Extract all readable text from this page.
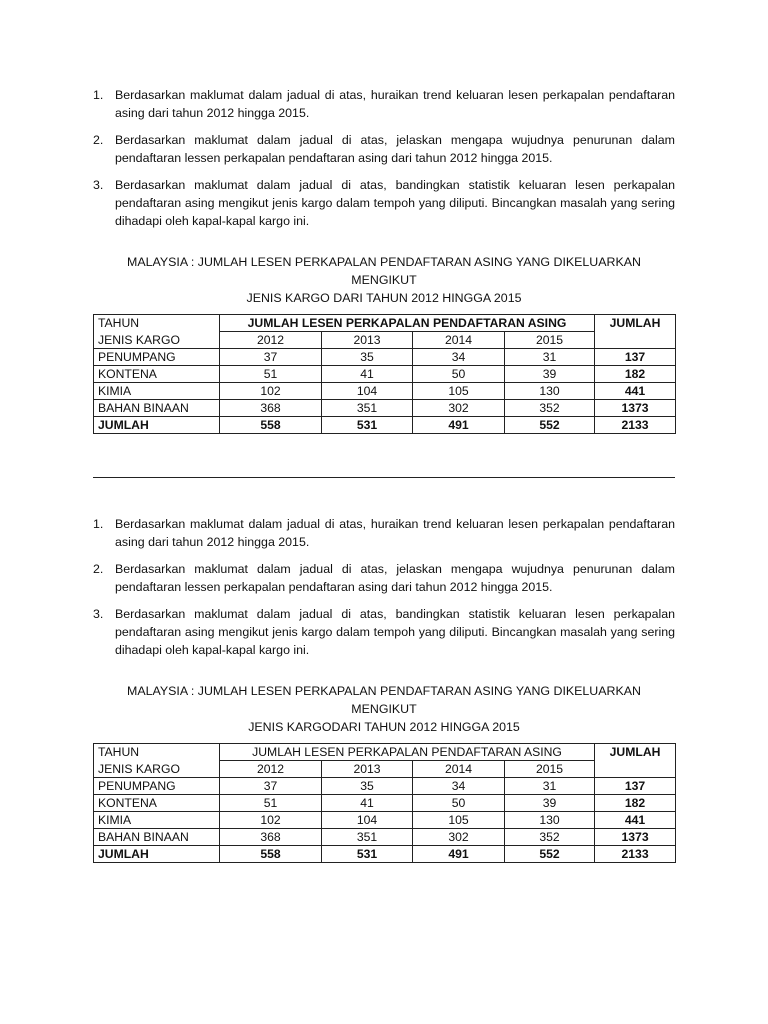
1. Berdasarkan maklumat dalam jadual di atas, huraikan trend keluaran lesen perkapalan pendaftaran asing dari tahun 2012 hingga 2015.
2. Berdasarkan maklumat dalam jadual di atas, jelaskan mengapa wujudnya penurunan dalam pendaftaran lessen perkapalan pendaftaran asing dari tahun 2012 hingga 2015.
3. Berdasarkan maklumat dalam jadual di atas, bandingkan statistik keluaran lesen perkapalan pendaftaran asing mengikut jenis kargo dalam tempoh yang diliputi. Bincangkan masalah yang sering dihadapi oleh kapal-kapal kargo ini.
MALAYSIA : JUMLAH LESEN PERKAPALAN PENDAFTARAN ASING YANG DIKELUARKAN MENGIKUT
JENIS KARGO DARI TAHUN 2012 HINGGA 2015
TAHUN	JUMLAH LESEN PERKAPALAN PENDAFTARAN ASING				JUMLAH
JENIS KARGO	2012	2013	2014	2015	
PENUMPANG	37	35	34	31	137
KONTENA	51	41	50	39	182
KIMIA	102	104	105	130	441
BAHAN BINAAN	368	351	302	352	1373
JUMLAH	558	531	491	552	2133
1. Berdasarkan maklumat dalam jadual di atas, huraikan trend keluaran lesen perkapalan pendaftaran asing dari tahun 2012 hingga 2015.
2. Berdasarkan maklumat dalam jadual di atas, jelaskan mengapa wujudnya penurunan dalam pendaftaran lessen perkapalan pendaftaran asing dari tahun 2012 hingga 2015.
3. Berdasarkan maklumat dalam jadual di atas, bandingkan statistik keluaran lesen perkapalan pendaftaran asing mengikut jenis kargo dalam tempoh yang diliputi. Bincangkan masalah yang sering dihadapi oleh kapal-kapal kargo ini.
MALAYSIA : JUMLAH LESEN PERKAPALAN PENDAFTARAN ASING YANG DIKELUARKAN MENGIKUT
JENIS KARGODARI TAHUN 2012 HINGGA 2015
TAHUN	JUMLAH LESEN PERKAPALAN PENDAFTARAN ASING				JUMLAH
JENIS KARGO	2012	2013	2014	2015	
PENUMPANG	37	35	34	31	137
KONTENA	51	41	50	39	182
KIMIA	102	104	105	130	441
BAHAN BINAAN	368	351	302	352	1373
JUMLAH	558	531	491	552	2133
